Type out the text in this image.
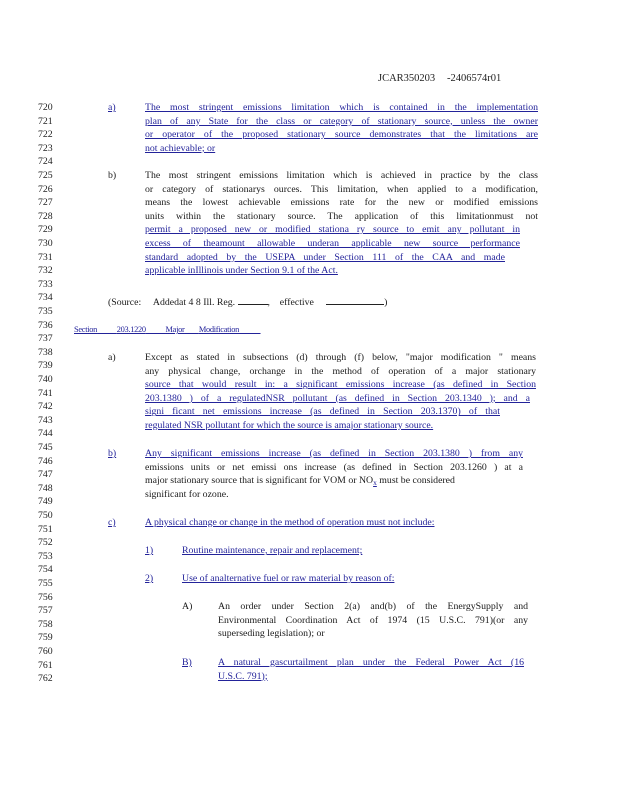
JCAR350203 -2406574r01
720
721
722
723
724
725
726
727
728
729
730
731
732
733
734
735
736
737
738
739
740
741
742
743
744
745
746
747
748
749
750
751
752
753
754
755
756
757
758
759
760
761
762
a)	The most stringent emissions limitation which is contained in the implementation
plan of any State for the class or category of stationary source, unless the owner
or operator of the proposed stationary source demonstrates that the limitations are
not achievable; or
b)	The most stringent emissions limitation which is achieved in practice by the class
or category of stationarys ources. This limitation, when applied to a modification,
means the lowest achievable emissions rate for the new or modified emissions
units within the stationary source. The application of this limitationmust not
permit a proposed new or modified stationa ry source to emit any pollutant in
excess of theamount allowable underan applicable new source performance
standard adopted by the USEPA under Section 111 of the CAA and made
applicable inIllinois under Section 9.1 of the Act.
(Source: Addedat 4 8 Ill. Reg.	, effective	)
Section 203.1220 Major Modification
a)	Except as stated in subsections (d) through (f) below, "major modification " means
any physical change, orchange in the method of operation of a major stationary
source that would result in: a significant emissions increase (as defined in Section
203.1380 ) of a regulatedNSR pollutant (as defined in Section 203.1340 ); and a
signi ficant net emissions increase (as defined in Section 203.1370) of that
regulated NSR pollutant for which the source is amajor stationary source.
b)	Any significant emissions increase (as defined in Section 203.1380 ) from any
emissions units or net emissi ons increase (as defined in Section 203.1260 ) at a
major stationary source that is significant for VOM or $NO_x$ must be considered
significant for ozone.
c)	A physical change or change in the method of operation must not include:
1)	Routine maintenance, repair and replacement;
2)	Use of analternative fuel or raw material by reason of:
A)	An order under Section 2(a) and(b) of the EnergySupply and
Environmental Coordination Act of 1974 (15 U.S.C. 791)(or any
superseding legislation); or
B)	A natural gascurtailment plan under the Federal Power Act (16
U.S.C. 791);
